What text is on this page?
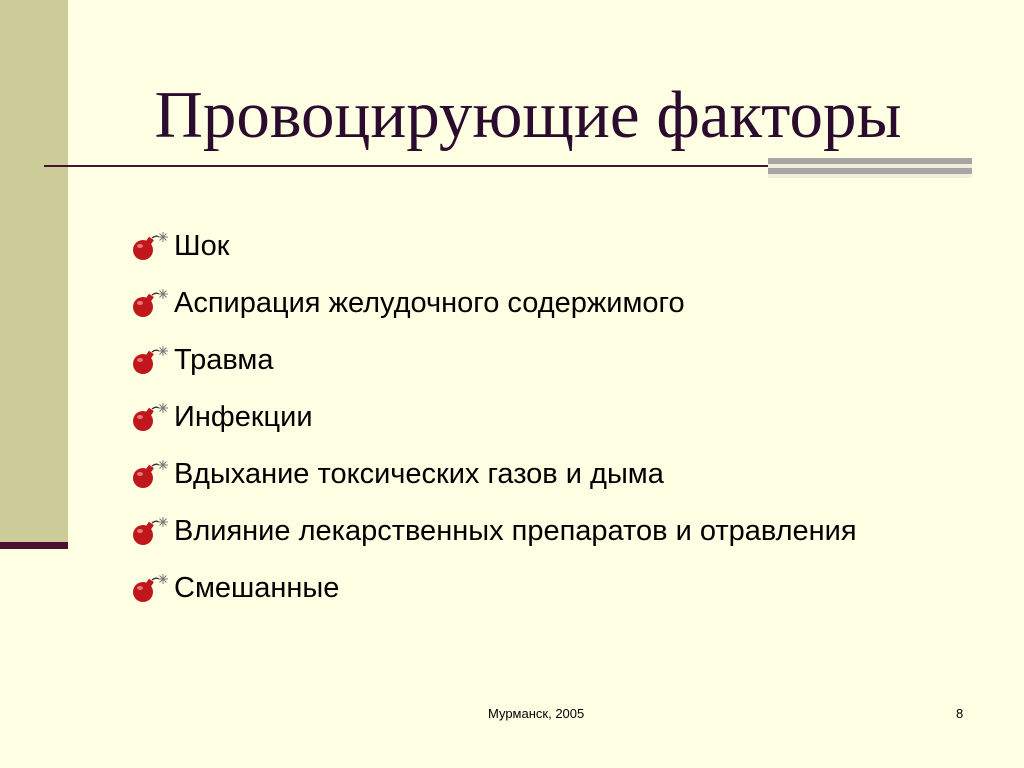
Провоцирующие факторы
Шок
Аспирация желудочного содержимого
Травма
Инфекции
Вдыхание токсических газов и дыма
Влияние лекарственных препаратов и отравления
Смешанные
Мурманск, 2005	8
